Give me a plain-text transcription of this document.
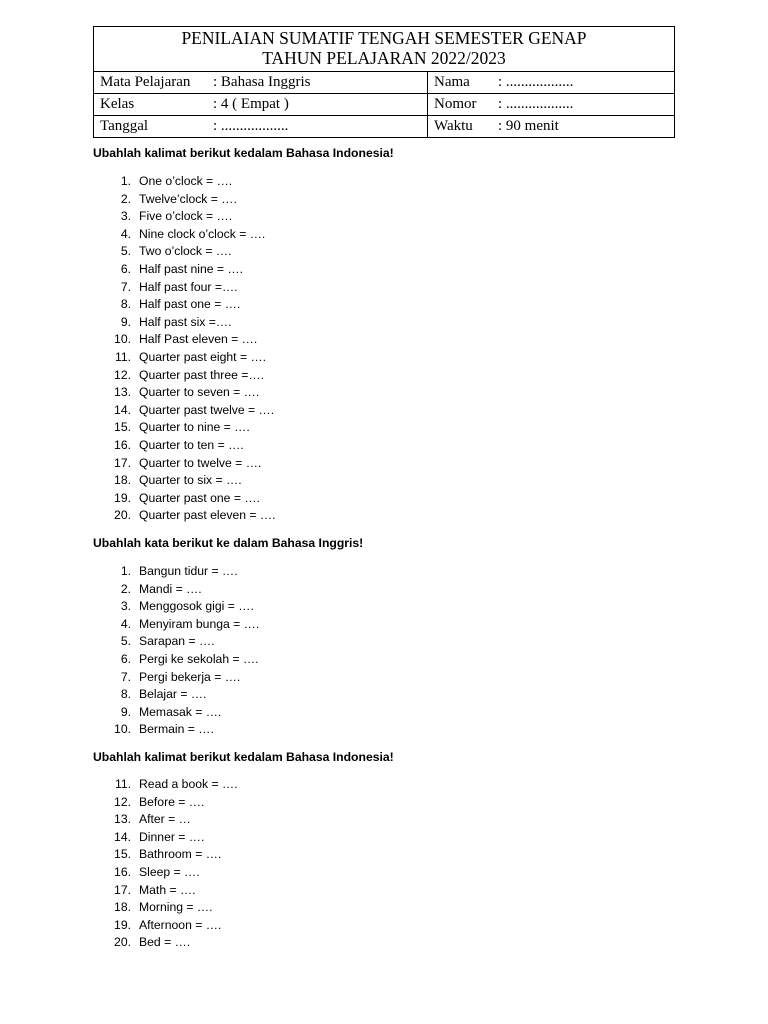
PENILAIAN SUMATIF TENGAH SEMESTER GENAP
TAHUN PELAJARAN 2022/2023	

Mata Pelajaran : Bahasa Inggris	Nama : ..................
Kelas : 4 ( Empat )	Nomor : ..................
Tanggal : ..................	Waktu : 90 menit
Ubahlah kalimat berikut kedalam Bahasa Indonesia!
1. One o’clock = ….
2. Twelve’clock = ….
3. Five o’clock = ….
4. Nine clock o’clock = ….
5. Two o’clock = ….
6. Half past nine = ….
7. Half past four =….
8. Half past one = ….
9. Half past six =….
10. Half Past eleven = ….
11. Quarter past eight = ….
12. Quarter past three =….
13. Quarter to seven = ….
14. Quarter past twelve = ….
15. Quarter to nine = ….
16. Quarter to ten = ….
17. Quarter to twelve = ….
18. Quarter to six = ….
19. Quarter past one = ….
20. Quarter past eleven = ….
Ubahlah kata berikut ke dalam Bahasa Inggris!
1. Bangun tidur = ….
2. Mandi = ….
3. Menggosok gigi = ….
4. Menyiram bunga = ….
5. Sarapan = ….
6. Pergi ke sekolah = ….
7. Pergi bekerja = ….
8. Belajar = ….
9. Memasak = ….
10. Bermain = ….
Ubahlah kalimat berikut kedalam Bahasa Indonesia!
11. Read a book = ….
12. Before = ….
13. After = …
14. Dinner = ….
15. Bathroom = ….
16. Sleep = ….
17. Math = ….
18. Morning = ….
19. Afternoon = ….
20. Bed = ….
